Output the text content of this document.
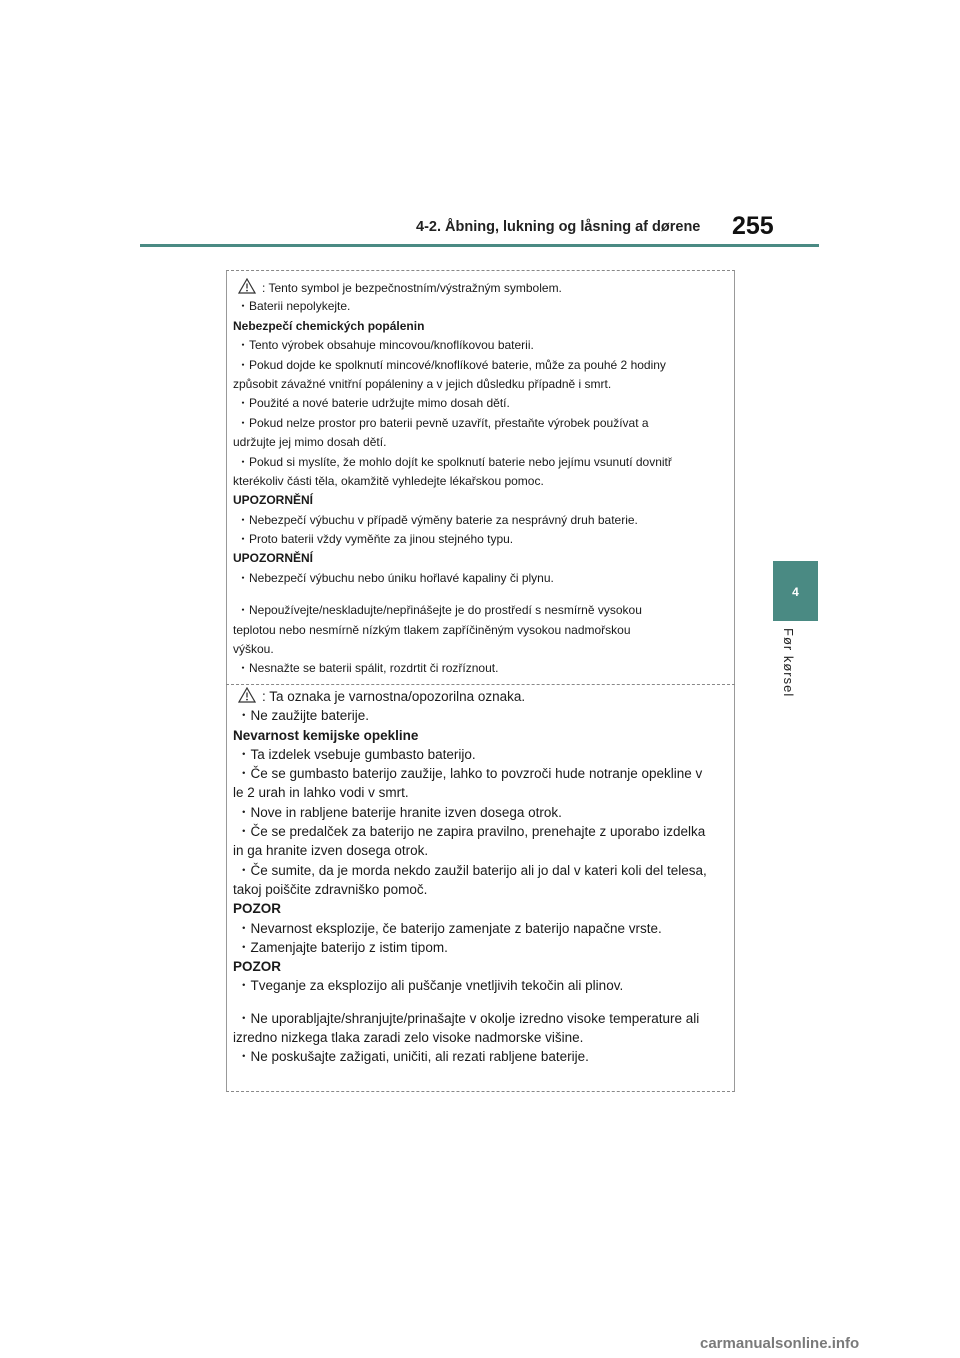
4-2. Åbning, lukning og låsning af dørene 255
4
Før kørsel
: Tento symbol je bezpečnostním/výstražným symbolem.
・Baterii nepolykejte.
Nebezpečí chemických popálenin
・Tento výrobek obsahuje mincovou/knoflíkovou baterii.
・Pokud dojde ke spolknutí mincové/knoflíkové baterie, může za pouhé 2 hodiny
způsobit závažné vnitřní popáleniny a v jejich důsledku případně i smrt.
・Použité a nové baterie udržujte mimo dosah dětí.
・Pokud nelze prostor pro baterii pevně uzavřít, přestaňte výrobek používat a
udržujte jej mimo dosah dětí.
・Pokud si myslíte, že mohlo dojít ke spolknutí baterie nebo jejímu vsunutí dovnitř
kterékoliv části těla, okamžitě vyhledejte lékařskou pomoc.
UPOZORNĚNÍ
・Nebezpečí výbuchu v případě výměny baterie za nesprávný druh baterie.
・Proto baterii vždy vyměňte za jinou stejného typu.
UPOZORNĚNÍ
・Nebezpečí výbuchu nebo úniku hořlavé kapaliny či plynu.
・Nepoužívejte/neskladujte/nepřinášejte je do prostředí s nesmírně vysokou
teplotou nebo nesmírně nízkým tlakem zapříčiněným vysokou nadmořskou
výškou.
・Nesnažte se baterii spálit, rozdrtit či rozříznout.
: Ta oznaka je varnostna/opozorilna oznaka.
・Ne zaužijte baterije.
Nevarnost kemijske opekline
・Ta izdelek vsebuje gumbasto baterijo.
・Če se gumbasto baterijo zaužije, lahko to povzroči hude notranje opekline v
le 2 urah in lahko vodi v smrt.
・Nove in rabljene baterije hranite izven dosega otrok.
・Če se predalček za baterijo ne zapira pravilno, prenehajte z uporabo izdelka
in ga hranite izven dosega otrok.
・Če sumite, da je morda nekdo zaužil baterijo ali jo dal v kateri koli del telesa,
takoj poiščite zdravniško pomoč.
POZOR
・Nevarnost eksplozije, če baterijo zamenjate z baterijo napačne vrste.
・Zamenjajte baterijo z istim tipom.
POZOR
・Tveganje za eksplozijo ali puščanje vnetljivih tekočin ali plinov.
・Ne uporabljajte/shranjujte/prinašajte v okolje izredno visoke temperature ali
izredno nizkega tlaka zaradi zelo visoke nadmorske višine.
・Ne poskušajte zažigati, uničiti, ali rezati rabljene baterije.
carmanualsonline.info
